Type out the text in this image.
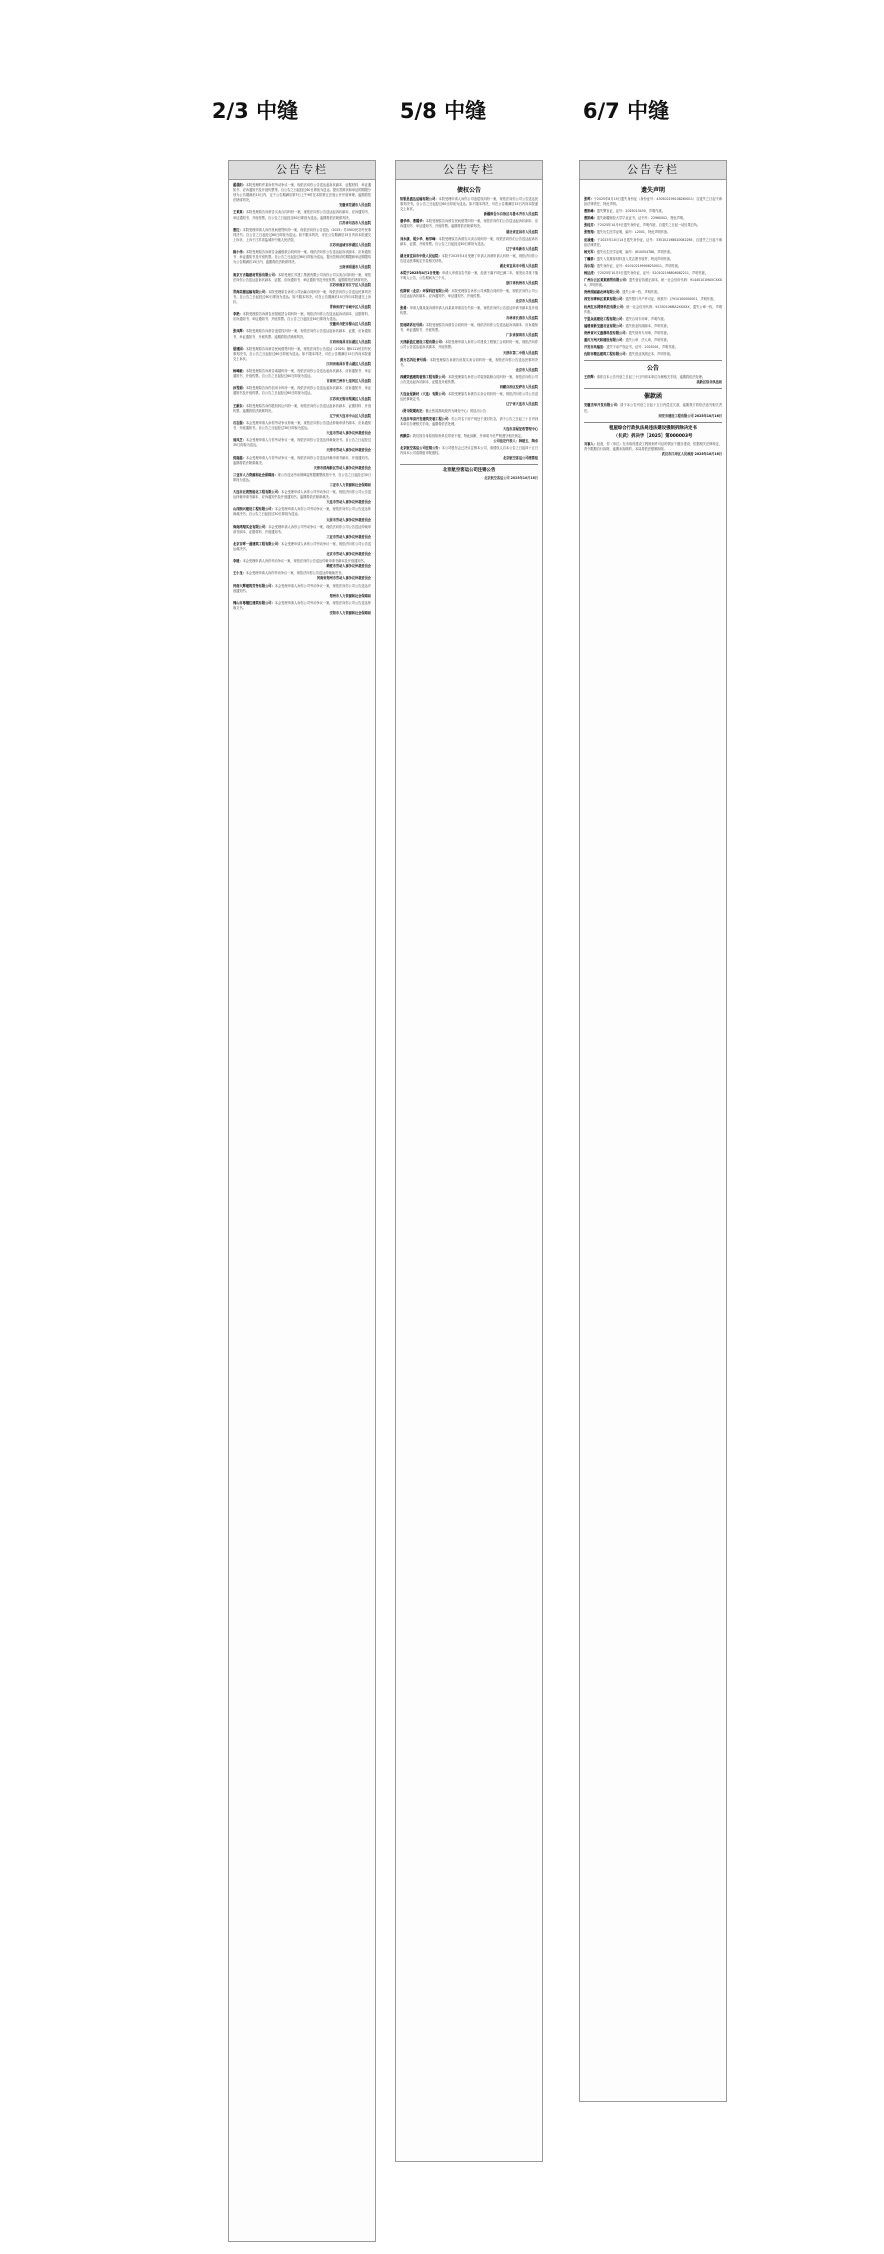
2/3 中缝	5/8 中缝	6/7 中缝
公告专栏
翟晨阳：本院受理的许某诉你劳动争议一案，现依法向你公告送达起诉状副本、证据材料、举证通知书、应诉通知书及开庭传票等。自公告之日起经过60日即视为送达。提出答辩状和举证的期限分别为公告期满后15日内，定于公告期满后第3日上午9时在本院第五法庭公开开庭审理，逾期将依法缺席判决。
安徽省芜湖市人民法院
王某某：本院受理原告诉被告买卖合同纠纷一案，现依法向你公告送达起诉状副本、应诉通知书、举证通知书、开庭传票。自公告之日起经过60日即视为送达。逾期将依法缺席判决。
江苏省句容市人民法院
曹红：本院受理申请人诉你民间借贷纠纷一案，现依法向你公告送达（2025）苏0902民初号民事判决书。自公告之日起经过60日即视为送达。如不服本判决，可在公告期满后15日内向本院递交上诉状，上诉于江苏省盐城市中级人民法院。
江苏省盐城市亭湖区人民法院
姚小伟：本院受理原告诉被告金融借款合同纠纷一案，现依法向你公告送达起诉状副本、应诉通知书、举证通知书及开庭传票。自公告之日起经过60日即视为送达。提出答辩状的期限和举证期限均为公告期满后15日内，逾期将依法缺席判决。
云南省昭通市人民法院
南京万吉隆建材贸易有限公司：本院受理江苏建工集团有限公司诉你公司买卖合同纠纷一案，现依法向你公告送达起诉状副本、证据、应诉通知书、举证通知书及开庭传票。逾期将依法缺席判决。
江苏省南京市江宁区人民法院
青海美德运输有限公司：本院受理原告诉你公司运输合同纠纷一案，现依法向你公告送达民事判决书。自公告之日起经过60日即视为送达。如不服本判决，可在公告期满后15日内向本院递交上诉状。
青海省西宁市城中区人民法院
李艳：本院受理原告诉被告房屋租赁合同纠纷一案，现依法向你公告送达起诉状副本、证据材料、应诉通知书、举证通知书、开庭传票。自公告之日起经过60日即视为送达。
安徽省合肥市蜀山区人民法院
张凤辉：本院受理原告诉被告追偿权纠纷一案，现依法向你公告送达起诉状副本、证据、应诉通知书、举证通知书、开庭传票。逾期将依法缺席判决。
江西省南昌市东湖区人民法院
聂建国：本院受理原告诉被告民间借贷纠纷一案，现依法向你公告送达（2025）赣0111民初号民事判决书。自公告之日起经过60日即视为送达。如不服本判决，可在公告期满后15日内向本院递交上诉状。
江西省南昌市青山湖区人民法院
杨峰毅：本院受理原告诉被告离婚纠纷一案，现依法向你公告送达起诉状副本、应诉通知书、举证通知书、开庭传票。自公告之日起经过60日即视为送达。
甘肃省兰州市七里河区人民法院
孙雪娟：本院受理原告诉你信用卡纠纷一案，现依法向你公告送达起诉状副本、应诉通知书、举证通知书及开庭传票。自公告之日起经过60日即视为送达。
江苏省无锡市梁溪区人民法院
王新东：本院受理原告诉你股权转让纠纷一案，现依法向你公告送达起诉状副本、证据材料、开庭传票。逾期将依法缺席判决。
辽宁省大连市中山区人民法院
石志强：本会受理申请人诉你劳动争议仲裁一案，现依法向你公告送达仲裁申请书副本、应诉通知书、开庭通知书。自公告之日起经过30日即视为送达。
大连市劳动人事争议仲裁委员会
周凤芝：本会受理申请人与你劳动争议一案，现依法向你公告送达仲裁裁决书。自公告之日起经过30日即视为送达。
天津市劳动人事争议仲裁委员会
倪瑞基：本会受理申请人与你劳动争议一案，现依法向你公告送达仲裁申请书副本、开庭通知书。逾期将依法缺席裁决。
天津市滨海新区劳动人事争议仲裁委员会
三亚市人力资源和社会保障局：现公告送达劳动保障监察限期整改指令书，自公告之日起经过30日即视为送达。
三亚市人力资源和社会保障局
大连市北苑智能化工程有限公司：本会受理申请人诉你公司劳动争议一案，现依法向你公司公告送达仲裁申请书副本、应诉通知书及开庭通知书。逾期将依法缺席裁决。
大连市劳动人事争议仲裁委员会
山西润兴建设工程有限公司：本会受理申请人诉你公司劳动争议一案，现依法向你公司公告送达仲裁裁决书。自公告之日起经过30日即视为送达。
太原市劳动人事争议仲裁委员会
海南鸿翔实业有限公司：本会受理申请人诉你公司劳动争议一案，现依法向你公司公告送达仲裁申请书副本、证据材料、开庭通知书。
三亚市劳动人事争议仲裁委员会
北京吉晖一通建筑工程有限公司：本会受理申请人诉你公司劳动争议一案，现依法向你公司公告送达裁决书。
北京市劳动人事争议仲裁委员会
李建：本会受理申请人诉你劳动争议一案，现依法向你公告送达仲裁申请书副本及开庭通知书。
鹤壁市劳动人事争议仲裁委员会
王小龙：本会受理申请人诉你劳动争议一案，现依法向你公告送达仲裁裁决书。
河南省郑州市劳动人事争议仲裁委员会
河南大辉建筑劳务有限公司：本会受理申请人诉你公司劳动争议一案，现依法向你公司公告送达开庭通知书。
郑州市人力资源和社会保障局
佛山市粤穗红建筑有限公司：本会受理申请人诉你公司劳动争议一案，现依法向你公司公告送达仲裁文书。
安阳市人力资源和社会保障局
公告专栏
债权公告
知银县盛达运输有限公司：本院受理申请人诉你公司追偿权纠纷一案，现依法向你公司公告送达民事判决书。自公告之日起经过60日即视为送达。如不服本判决，可在公告期满后15日内向本院递交上诉状。
新疆维吾尔自治区乌鲁木齐市人民法院
潘华华、曹耀华：本院受理原告诉被告民间借贷纠纷一案，现依法向你们公告送达起诉状副本、应诉通知书、举证通知书、开庭传票。逾期将依法缺席判决。
湖北省宜昌市人民法院
刘永康、胡少华、杨学峰：本院受理原告诉被告买卖合同纠纷一案，现依法向你们公告送达起诉状副本、证据、开庭传票。自公告之日起经过60日即视为送达。
辽宁省阜新市人民法院
湖北省宜昌市中级人民法院：本院于2025年4月受理了申请人诉被申请人纠纷一案，现依法向你公告送达民事裁定书及相关材料。
湖北省宜昌市中级人民法院
本院于2025年4月1日受理：申请人申请宣告失踪一案，经查下落不明已满二年，现发出寻找下落不明人公告，公告期间为三个月。
浙江省杭州市人民法院
优斯顿（北京）环保科技有限公司：本院受理原告诉你公司承揽合同纠纷一案，现依法向你公司公告送达起诉状副本、应诉通知书、举证通知书、开庭传票。
北京市人民法院
张勇：申请人甄某某诉被申请人孙某某申请宣告失踪一案，现依法向你公告送达申请书副本及开庭传票。
吉林省长春市人民法院
贺翊诺诉讼号码：本院受理原告诉被告合同纠纷一案，现依法向你公告送达起诉状副本、应诉通知书、举证通知书、开庭传票。
广东省深圳市人民法院
天津新盈汇建设工程有限公司：本院受理申请人诉你公司建设工程施工合同纠纷一案，现依法向你公司公告送达起诉状副本、开庭传票。
天津市第二中级人民法院
黄方芯诉讼费号码：本院受理原告诉被告房屋买卖合同纠纷一案，现依法向你公告送达民事判决书。
北京市人民法院
西藏荣盛建筑装饰工程有限公司：本院受理原告诉你公司装饰装修合同纠纷一案，现依法向你公司公告送达起诉状副本、证据及开庭传票。
西藏自治区拉萨市人民法院
大连金星新材（大连）有限公司：本院受理原告诉被告买卖合同纠纷一案，现依法向你公司公告送达民事裁定书。
辽宁省大连市人民法院
（贾令限期改定：撤止张清淮地段内为调处中心）的选出公告
大连市华房开发建筑安装工程公司：你公司名下房产现处于查封状态，请于公告之日起三十日内到本单位办理相关手续，逾期将依法处理。
大连市房屋征收管理中心
致歉信：我们因自身原因给贵单位带来不便，特此致歉，并承诺今后严格遵守相关规定。
公司法定代表人：韩建玉、陶卓
北京航空客运公司注销公告：本公司股东会已决议注销本公司，请债权人自本公告之日起四十五日内向本公司清算组申报债权。
北京航空客运公司清算组
北京航空客运公司注销公告
北京航空客运公司 2025年10月16日
公告专栏
遗失声明
张晖：于2025年8月19日遗失身份证（身份证号：430502199108260011）自遗失之日起不承担法律责任，特此声明。
曹凯峰：遗失警官证，证号：2025013430，声明作废。
曹凯峰：遗失新疆财经大学毕业证书，证书号：22960002，特此声明。
张桂芬：于2025年10月9日遗失身份证，声明作废，自遗失之日起一切后果自负。
张智翔：遗失出生医学证明，编号：L2001，特此声明作废。
应禄雅：于2025年10月14日遗失身份证，证号：330102198810082265，自遗失之日起不承担法律责任。
杨光军：遗失出生医学证明，编号：J610054788，声明作废。
丁巍桥：遗失入党推荐材料及入党志愿书原件，特此声明作废。
冯尔超：遗失身份证，证号：610102199908250011，声明作废。
杨达虎：于2025年10月5日遗失身份证，证号：520102198806082211，声明作废。
广州白云区某某商贸有限公司：遗失营业执照正副本，统一社会信用代码：91440101MA5CXXXX，声明作废。
贵州照丽惠农林有限公司：遗失公章一枚，声明作废。
西安市碑林区某某有限公司：遗失银行开户许可证，核准号：J7910100000001，声明作废。
杭州红乐网络科技有限公司：统一社会信用代码：91330106MA2XXXXX，遗失公章一枚，声明作废。
宁夏众高建设工程有限公司：遗失合同专用章，声明作废。
福建省新宝盛石业有限公司：遗失营业执照副本，声明作废。
贵州省兴义盛鼎科技有限公司：遗失财务专用章，声明作废。
重庆万州天和建设有限公司：遗失公章、法人章，声明作废。
开发市凤凰里：遗失不动产权证书，证号：2025001，声明作废。
沈阳市精达建筑工程有限公司：遗失营业执照正本，声明作废。
公告
王洪辉：请你自本公告刊登之日起三十日内到本单位办理相关手续，逾期将依法处理。
高新区综合执法局
催款函
安徽杰华开发有限公司：请于本公告刊登之日起十五日内偿还欠款，逾期我方将依法追究相关责任。
西安市建设工程有限公司 2025年10月16日
租屋综合行政执法局违法建设强制拆除决定书
（长武）拆决字［2025］第000003号
当事人：经查，你（单位）在未取得建设工程规划许可证的情况下擅自建设，依据相关法律规定，责令限期自行拆除，逾期未拆除的，本局将依法强制拆除。
武汉市江岸区人民政府 2025年10月16日
